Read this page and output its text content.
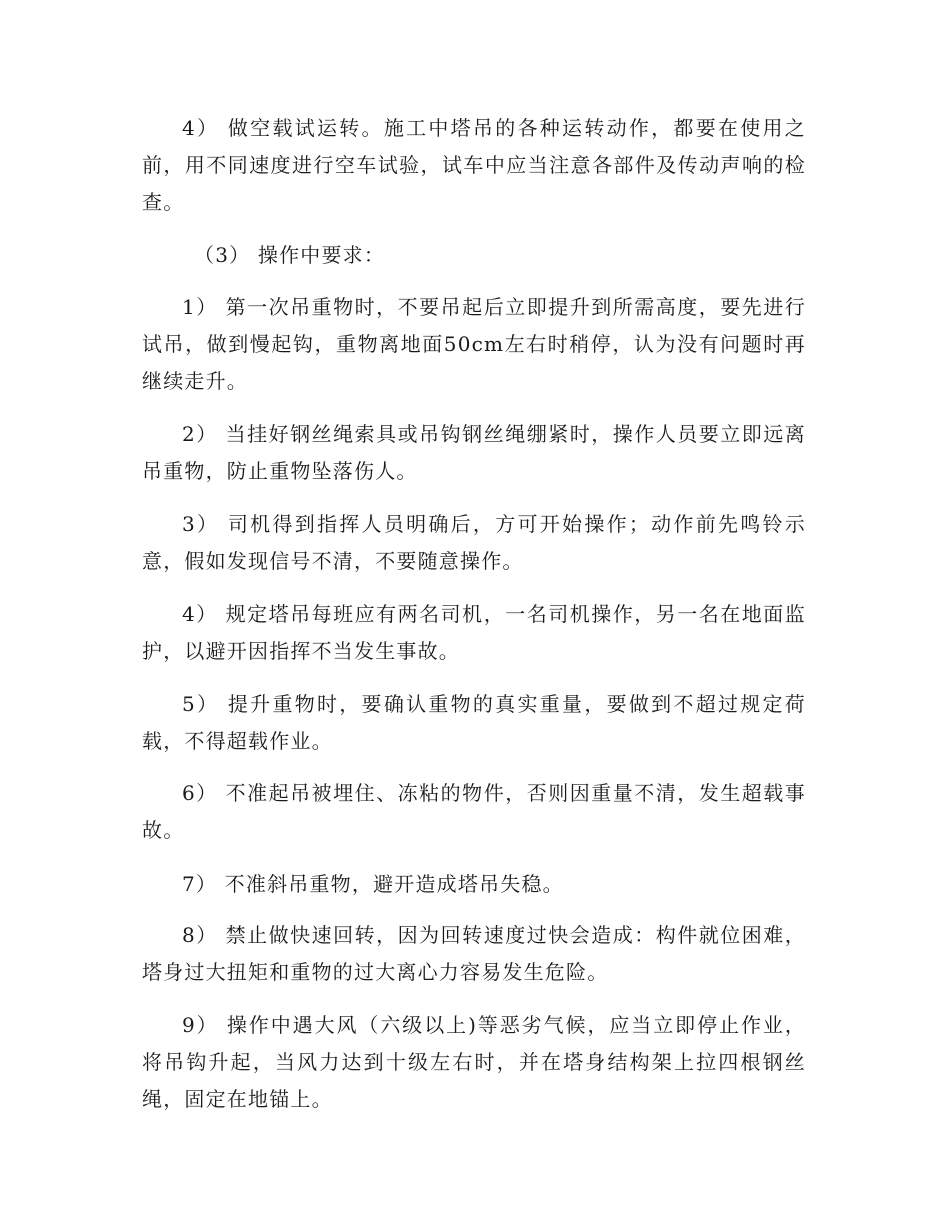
4） 做空载试运转。施工中塔吊的各种运转动作，都要在使用之前，用不同速度进行空车试验，试车中应当注意各部件及传动声响的检查。

（3） 操作中要求：

1） 第一次吊重物时，不要吊起后立即提升到所需高度，要先进行试吊，做到慢起钩，重物离地面50cm左右时稍停，认为没有问题时再继续走升。

2） 当挂好钢丝绳索具或吊钩钢丝绳绷紧时，操作人员要立即远离吊重物，防止重物坠落伤人。

3） 司机得到指挥人员明确后，方可开始操作；动作前先鸣铃示意，假如发现信号不清，不要随意操作。

4） 规定塔吊每班应有两名司机，一名司机操作，另一名在地面监护，以避开因指挥不当发生事故。

5） 提升重物时，要确认重物的真实重量，要做到不超过规定荷载，不得超载作业。

6） 不准起吊被埋住、冻粘的物件，否则因重量不清，发生超载事故。

7） 不准斜吊重物，避开造成塔吊失稳。

8） 禁止做快速回转，因为回转速度过快会造成：构件就位困难，塔身过大扭矩和重物的过大离心力容易发生危险。

9） 操作中遇大风（六级以上)等恶劣气候，应当立即停止作业，将吊钩升起，当风力达到十级左右时，并在塔身结构架上拉四根钢丝绳，固定在地锚上。
